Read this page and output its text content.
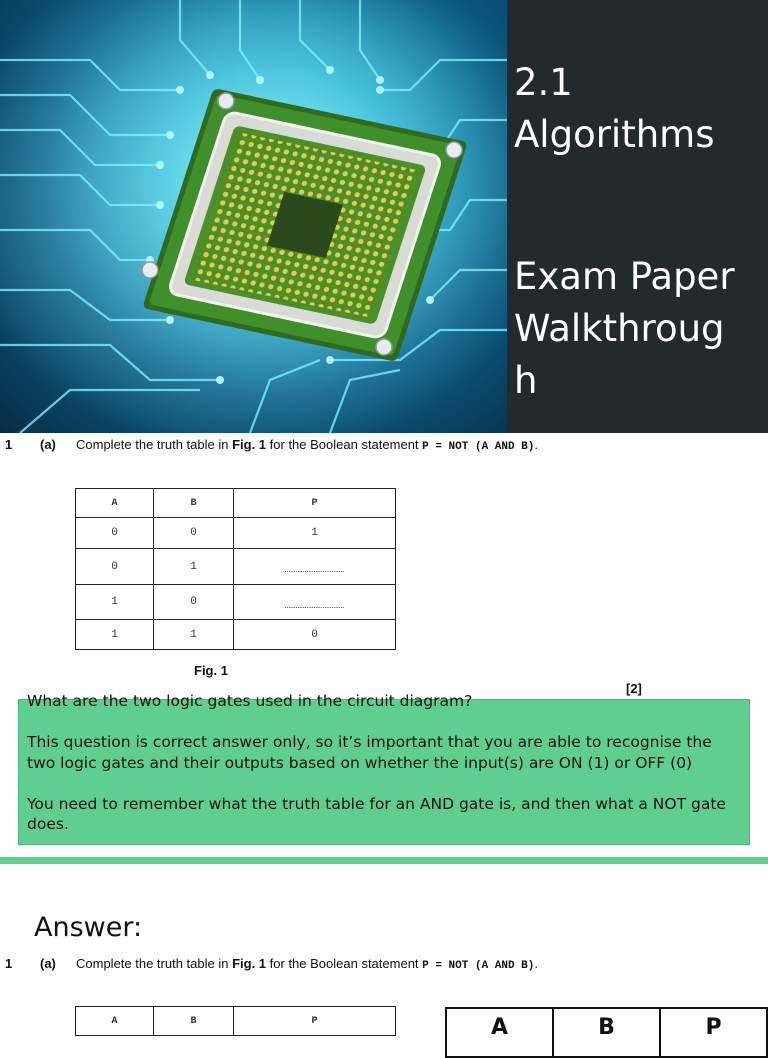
2.1
Algorithms
Exam Paper
Walkthroug
h
1 (a) Complete the truth table in Fig. 1 for the Boolean statement P = NOT (A AND B).
A	B	P
0	0	1
0	1	……………………………
1	0	……………………………
1	1	0
Fig. 1
[2]

What are the two logic gates used in the circuit diagram?

This question is correct answer only, so it’s important that you are able to recognise the two logic gates and their outputs based on whether the input(s) are ON (1) or OFF (0)

You need to remember what the truth table for an AND gate is, and then what a NOT gate does.

Answer:
1 (a) Complete the truth table in Fig. 1 for the Boolean statement P = NOT (A AND B).
A	B	P	A	B	P
